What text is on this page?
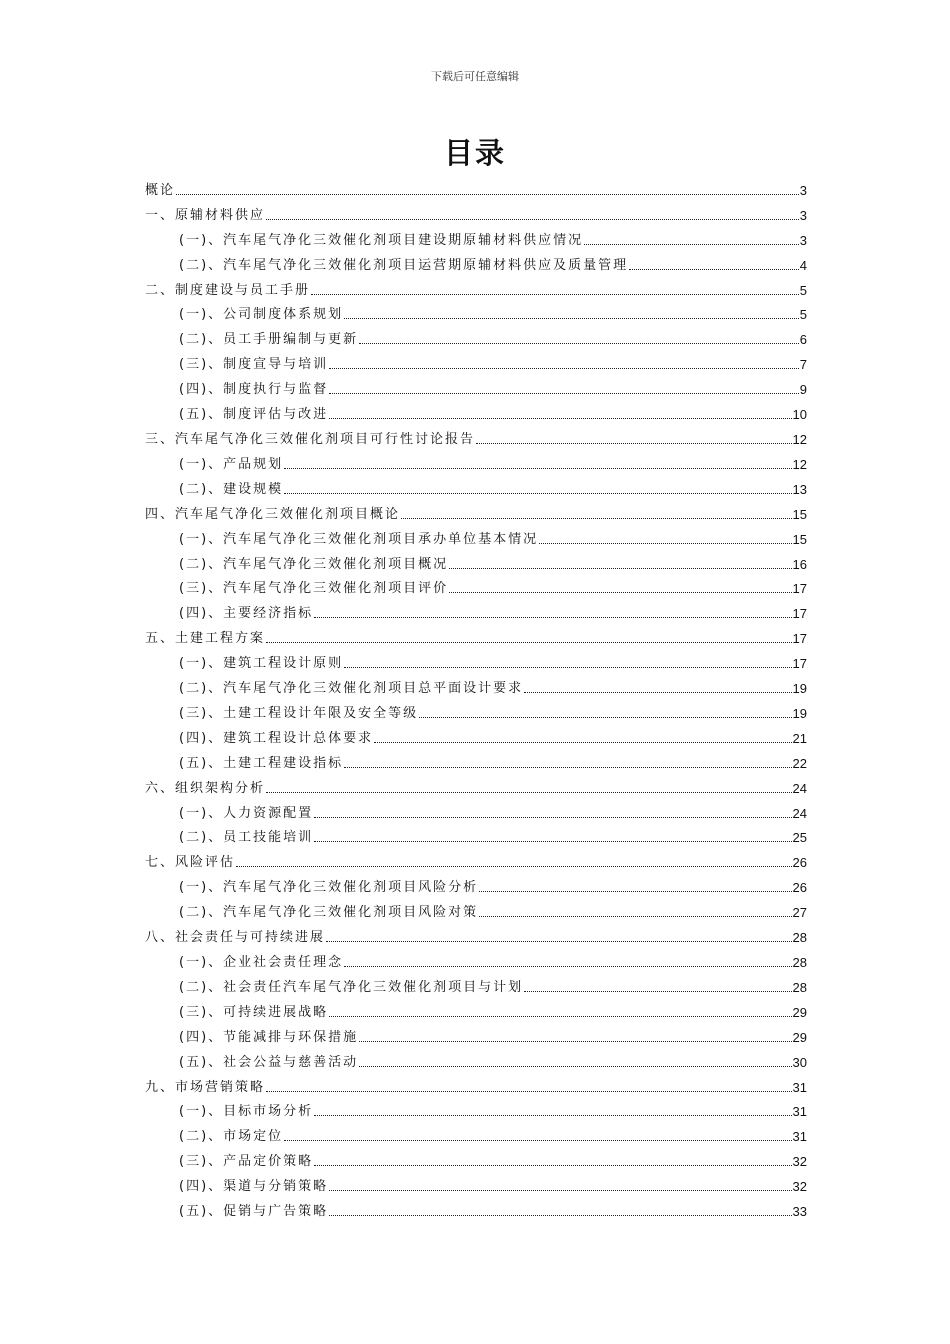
下载后可任意编辑
目录
概论	3
一、原辅材料供应	3
(一)、汽车尾气净化三效催化剂项目建设期原辅材料供应情况	3
(二)、汽车尾气净化三效催化剂项目运营期原辅材料供应及质量管理	4
二、制度建设与员工手册	5
(一)、公司制度体系规划	5
(二)、员工手册编制与更新	6
(三)、制度宣导与培训	7
(四)、制度执行与监督	9
(五)、制度评估与改进	10
三、汽车尾气净化三效催化剂项目可行性讨论报告	12
(一)、产品规划	12
(二)、建设规模	13
四、汽车尾气净化三效催化剂项目概论	15
(一)、汽车尾气净化三效催化剂项目承办单位基本情况	15
(二)、汽车尾气净化三效催化剂项目概况	16
(三)、汽车尾气净化三效催化剂项目评价	17
(四)、主要经济指标	17
五、土建工程方案	17
(一)、建筑工程设计原则	17
(二)、汽车尾气净化三效催化剂项目总平面设计要求	19
(三)、土建工程设计年限及安全等级	19
(四)、建筑工程设计总体要求	21
(五)、土建工程建设指标	22
六、组织架构分析	24
(一)、人力资源配置	24
(二)、员工技能培训	25
七、风险评估	26
(一)、汽车尾气净化三效催化剂项目风险分析	26
(二)、汽车尾气净化三效催化剂项目风险对策	27
八、社会责任与可持续进展	28
(一)、企业社会责任理念	28
(二)、社会责任汽车尾气净化三效催化剂项目与计划	28
(三)、可持续进展战略	29
(四)、节能减排与环保措施	29
(五)、社会公益与慈善活动	30
九、市场营销策略	31
(一)、目标市场分析	31
(二)、市场定位	31
(三)、产品定价策略	32
(四)、渠道与分销策略	32
(五)、促销与广告策略	33
